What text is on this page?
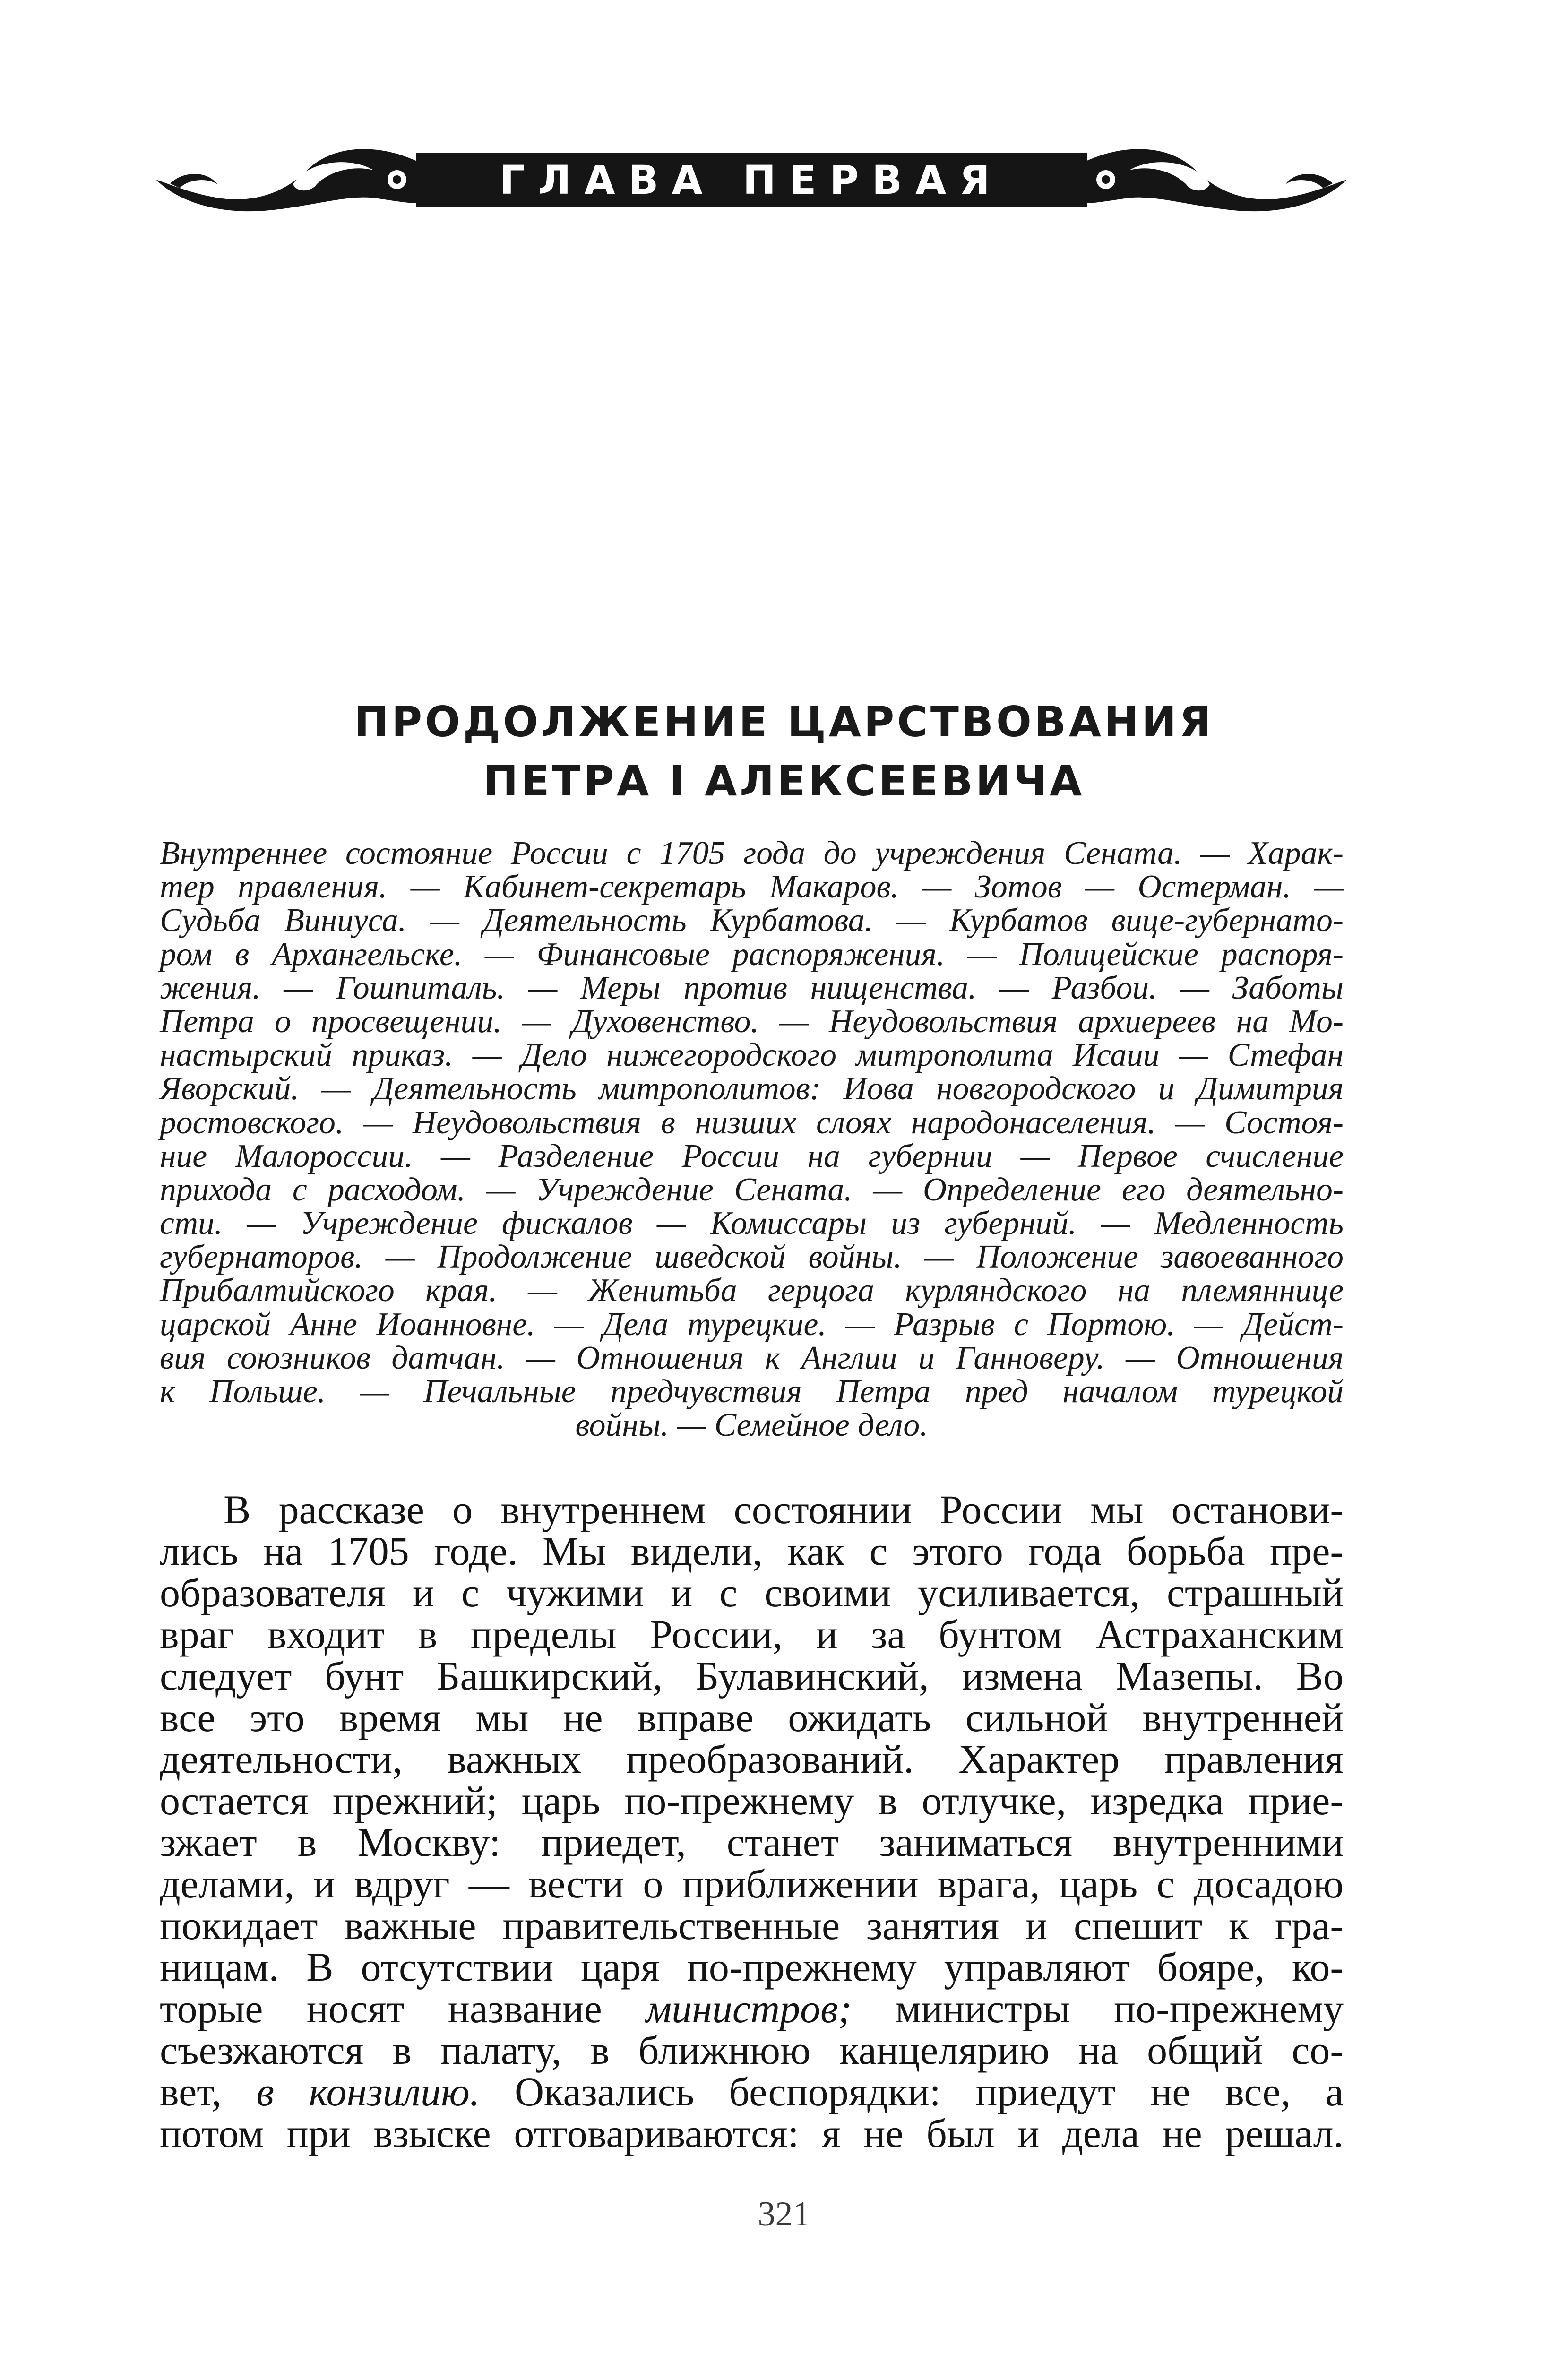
ГЛАВА ПЕРВАЯ
ПРОДОЛЖЕНИЕ ЦАРСТВОВАНИЯ
ПЕТРА I АЛЕКСЕЕВИЧА
Внутреннее состояние России с 1705 года до учреждения Сената. — Харак-
тер правления. — Кабинет-секретарь Макаров. — Зотов — Остерман. —
Судьба Виниуса. — Деятельность Курбатова. — Курбатов вице-губернато-
ром в Архангельске. — Финансовые распоряжения. — Полицейские распоря-
жения. — Гошпиталь. — Меры против нищенства. — Разбои. — Заботы
Петра о просвещении. — Духовенство. — Неудовольствия архиереев на Мо-
настырский приказ. — Дело нижегородского митрополита Исаии — Стефан
Яворский. — Деятельность митрополитов: Иова новгородского и Димитрия
ростовского. — Неудовольствия в низших слоях народонаселения. — Состоя-
ние Малороссии. — Разделение России на губернии — Первое счисление
прихода с расходом. — Учреждение Сената. — Определение его деятельно-
сти. — Учреждение фискалов — Комиссары из губерний. — Медленность
губернаторов. — Продолжение шведской войны. — Положение завоеванного
Прибалтийского края. — Женитьба герцога курляндского на племяннице
царской Анне Иоанновне. — Дела турецкие. — Разрыв с Портою. — Дейст-
вия союзников датчан. — Отношения к Англии и Ганноверу. — Отношения
к Польше. — Печальные предчувствия Петра пред началом турецкой
войны. — Семейное дело.
В рассказе о внутреннем состоянии России мы останови-
лись на 1705 годе. Мы видели, как с этого года борьба пре-
образователя и с чужими и с своими усиливается, страшный
враг входит в пределы России, и за бунтом Астраханским
следует бунт Башкирский, Булавинский, измена Мазепы. Во
все это время мы не вправе ожидать сильной внутренней
деятельности, важных преобразований. Характер правления
остается прежний; царь по-прежнему в отлучке, изредка прие-
зжает в Москву: приедет, станет заниматься внутренними
делами, и вдруг — вести о приближении врага, царь с досадою
покидает важные правительственные занятия и спешит к гра-
ницам. В отсутствии царя по-прежнему управляют бояре, ко-
торые носят название министров; министры по-прежнему
съезжаются в палату, в ближнюю канцелярию на общий со-
вет, в конзилию. Оказались беспорядки: приедут не все, а
потом при взыске отговариваются: я не был и дела не решал.
321
